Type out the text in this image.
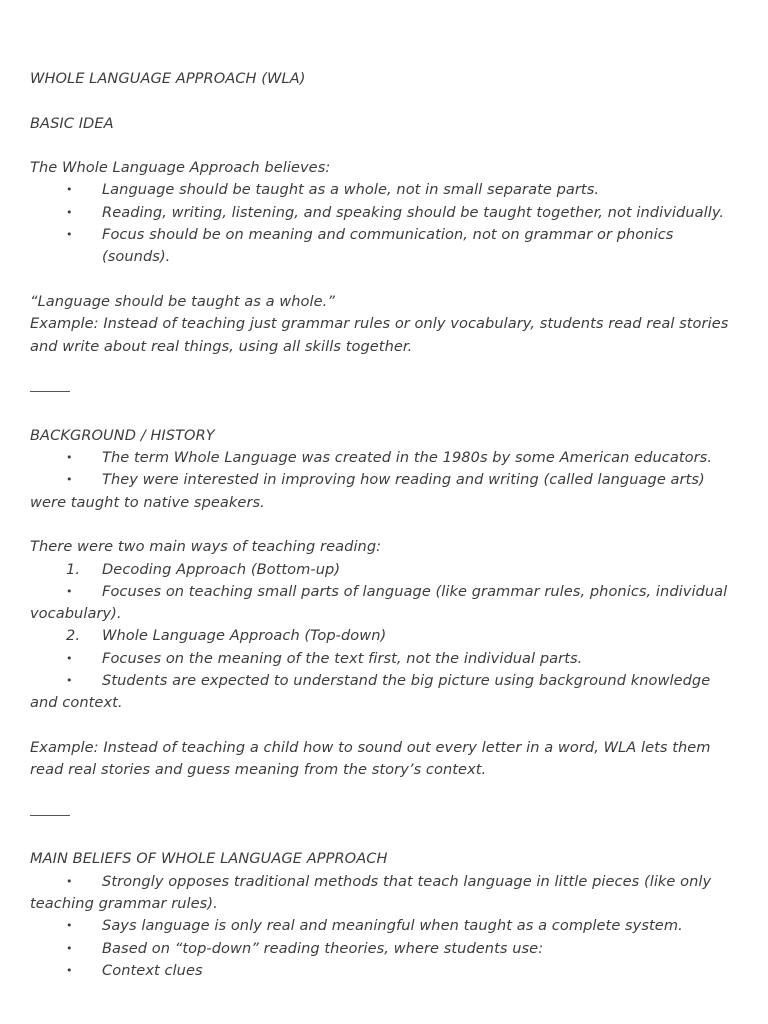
WHOLE LANGUAGE APPROACH (WLA)
BASIC IDEA
The Whole Language Approach believes:
•	Language should be taught as a whole, not in small separate parts.
•	Reading, writing, listening, and speaking should be taught together, not individually.
•	Focus should be on meaning and communication, not on grammar or phonics (sounds).
“Language should be taught as a whole.”
Example: Instead of teaching just grammar rules or only vocabulary, students read real stories and write about real things, using all skills together.
BACKGROUND / HISTORY
•	The term Whole Language was created in the 1980s by some American educators.
•	They were interested in improving how reading and writing (called language arts) were taught to native speakers.
There were two main ways of teaching reading:
1.	Decoding Approach (Bottom-up)
•	Focuses on teaching small parts of language (like grammar rules, phonics, individual vocabulary).
2.	Whole Language Approach (Top-down)
•	Focuses on the meaning of the text first, not the individual parts.
•	Students are expected to understand the big picture using background knowledge and context.
Example: Instead of teaching a child how to sound out every letter in a word, WLA lets them read real stories and guess meaning from the story’s context.
MAIN BELIEFS OF WHOLE LANGUAGE APPROACH
•	Strongly opposes traditional methods that teach language in little pieces (like only teaching grammar rules).
•	Says language is only real and meaningful when taught as a complete system.
•	Based on “top-down” reading theories, where students use:
•	Context clues
